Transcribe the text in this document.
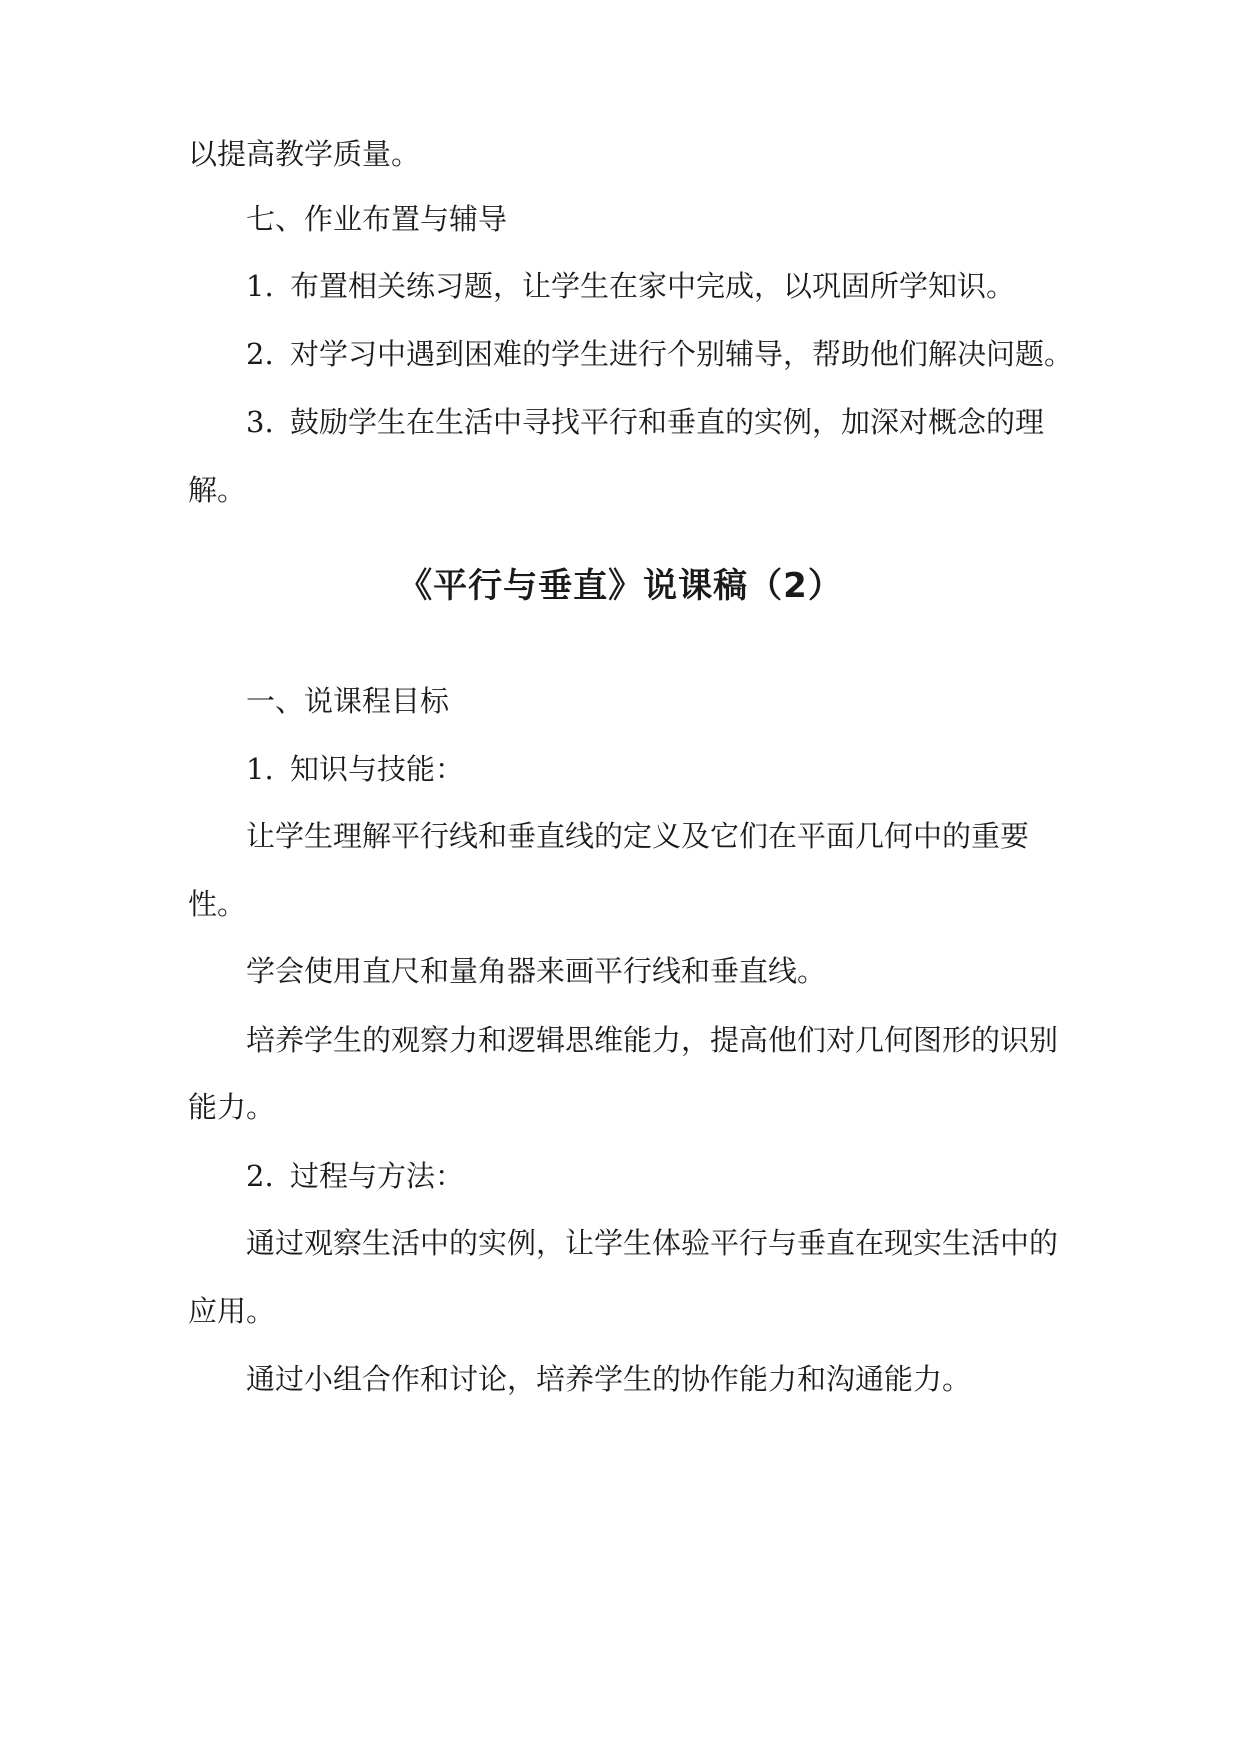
以提高教学质量。
七、作业布置与辅导
1. 布置相关练习题，让学生在家中完成，以巩固所学知识。
2. 对学习中遇到困难的学生进行个别辅导，帮助他们解决问题。
3. 鼓励学生在生活中寻找平行和垂直的实例，加深对概念的理
解。
《平行与垂直》说课稿（2）
一、说课程目标
1. 知识与技能：
让学生理解平行线和垂直线的定义及它们在平面几何中的重要
性。
学会使用直尺和量角器来画平行线和垂直线。
培养学生的观察力和逻辑思维能力，提高他们对几何图形的识别
能力。
2. 过程与方法：
通过观察生活中的实例，让学生体验平行与垂直在现实生活中的
应用。
通过小组合作和讨论，培养学生的协作能力和沟通能力。
